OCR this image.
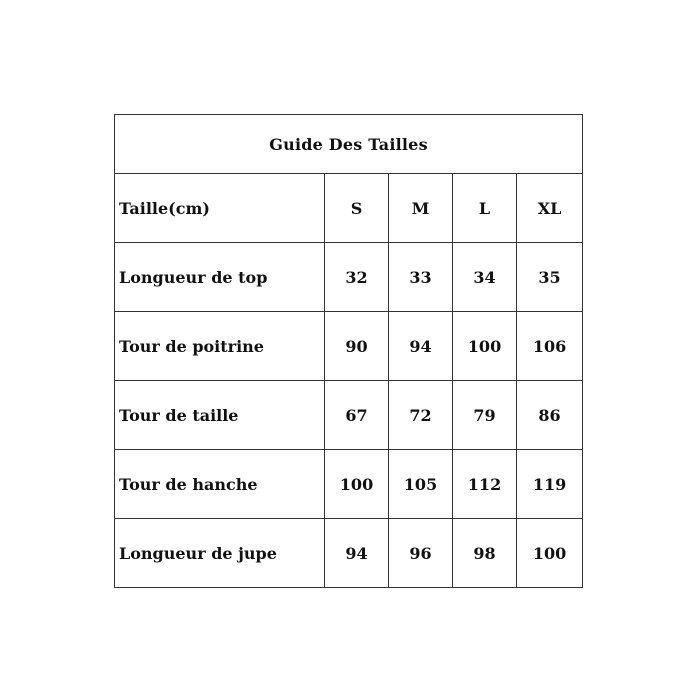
Guide Des Tailles				
Taille(cm)	S	M	L	XL
Longueur de top	32	33	34	35
Tour de poitrine	90	94	100	106
Tour de taille	67	72	79	86
Tour de hanche	100	105	112	119
Longueur de jupe	94	96	98	100
